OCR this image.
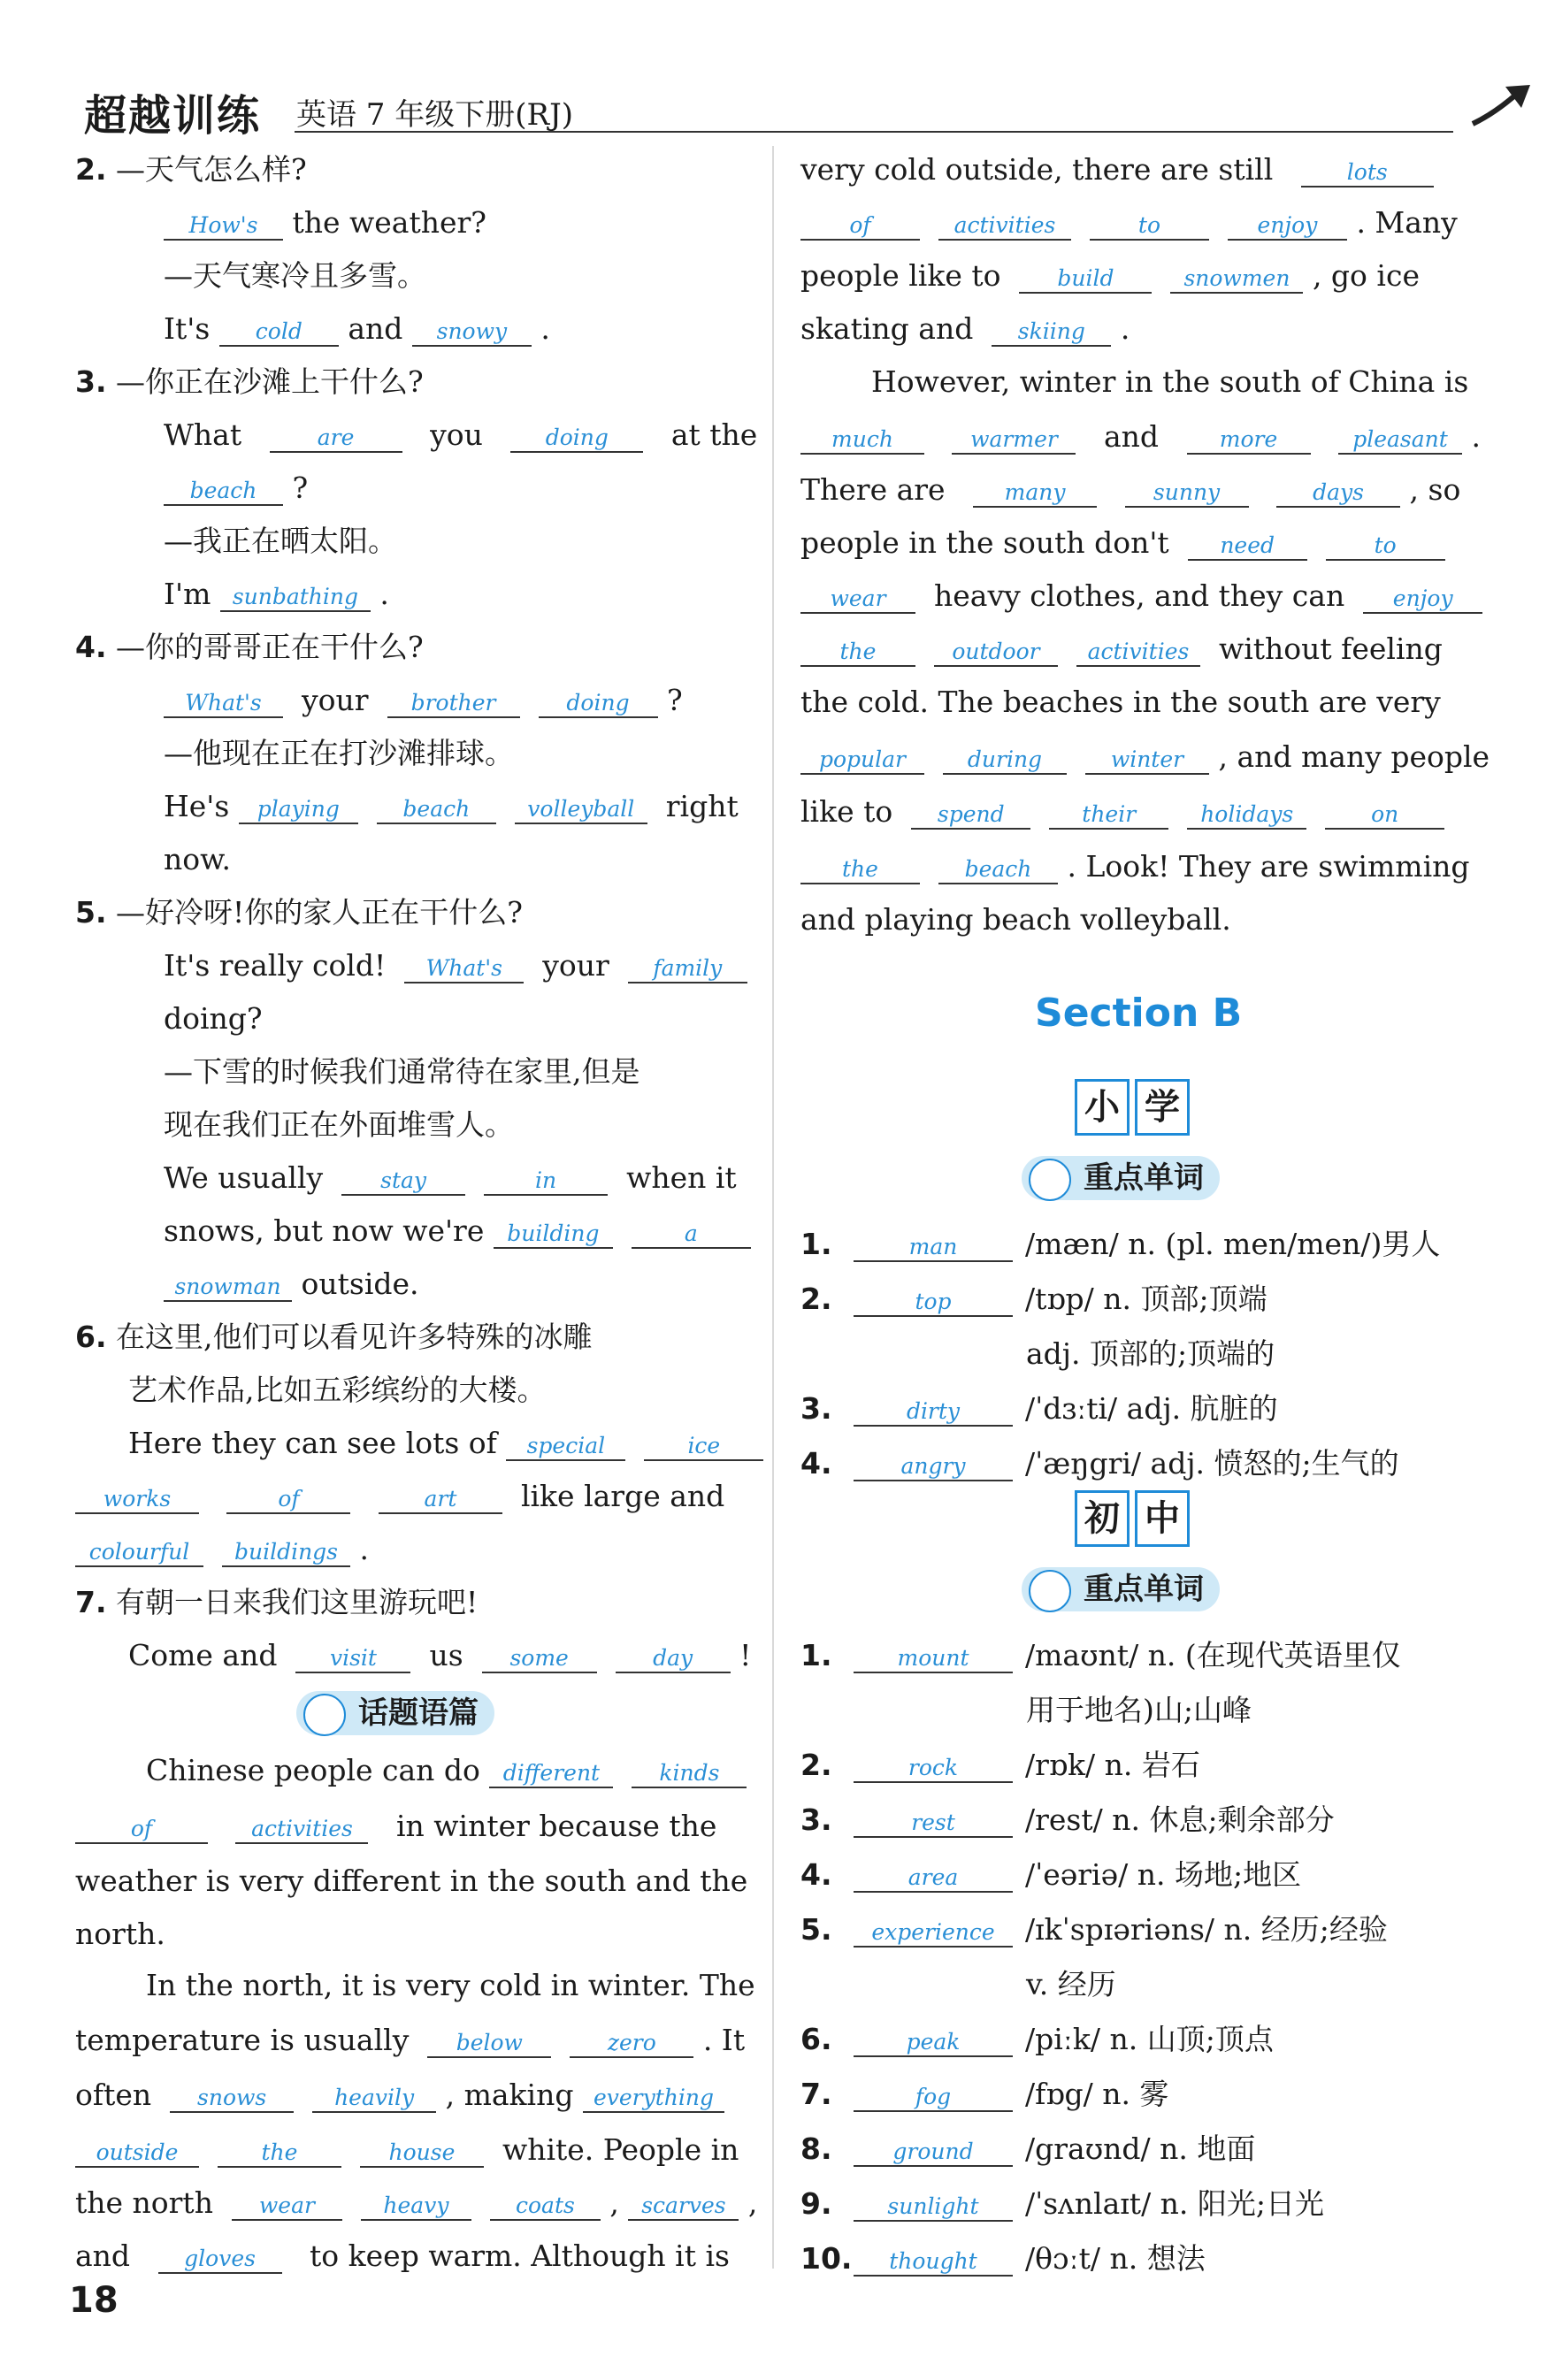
超越训练 英语 7 年级下册(RJ)
2. —天气怎么样?
How's the weather?
—天气寒冷且多雪。
It's cold and snowy .
3. —你正在沙滩上干什么?
What	are	you	doing at the
beach ?
—我正在晒太阳。
I'm sunbathing .
4. —你的哥哥正在干什么?
What's your brother	doing ?
—他现在正在打沙滩排球。
He's playing	beach	volleyball right
now.
5. —好冷呀!你的家人正在干什么?
It's really cold! What's your family
doing?
—下雪的时候我们通常待在家里,但是
现在我们正在外面堆雪人。
We usually	stay	in when it
snows, but now we're building	a
snowman outside.
6. 在这里,他们可以看见许多特殊的冰雕
艺术作品,比如五彩缤纷的大楼。
Here they can see lots of special	ice
works	of	art like large and
colourful buildings .
7. 有朝一日来我们这里游玩吧!
Come and visit us some	day !
话题语篇
Chinese people can do different	kinds
of	activities in winter because the
weather is very different in the south and the
north.
In the north, it is very cold in winter. The
temperature is usually below	zero . It
often snows	heavily , making everything
outside	the	house white. People in
the north wear	heavy	coats , scarves ,
and gloves to keep warm. Although it is
very cold outside, there are still	lots
of	activities	to	enjoy . Many
people like to	build	snowmen , go ice
skating and skiing .
However, winter in the south of China is
much	warmer and	more	pleasant .
There are	many	sunny	days , so
people in the south don't need	to
wear heavy clothes, and they can enjoy
the	outdoor activities without feeling
the cold. The beaches in the south are very
popular	during	winter , and many people
like to spend	their	holidays	on
the	beach . Look! They are swimming
and playing beach volleyball.
Section B
小 学
重点单词
1.	man /mæn/ n. (pl. men/men/)男人
2.	top	/tɒp/ n. 顶部;顶端
adj. 顶部的;顶端的
3.	dirty /ˈdɜːti/ adj. 肮脏的
4.	angry /ˈæŋgri/ adj. 愤怒的;生气的
初 中
重点单词
1.	mount /maʊnt/ n. (在现代英语里仅
用于地名)山;山峰
2.	rock /rɒk/ n. 岩石
3.	rest /rest/ n. 休息;剩余部分
4.	area /ˈeəriə/ n. 场地;地区
5. experience /ɪkˈspɪəriəns/ n. 经历;经验
v. 经历
6.	peak /piːk/ n. 山顶;顶点
7.	fog	/fɒg/ n. 雾
8.	ground /graʊnd/ n. 地面
9.	sunlight /ˈsʌnlaɪt/ n. 阳光;日光
10. thought /θɔːt/ n. 想法
18
